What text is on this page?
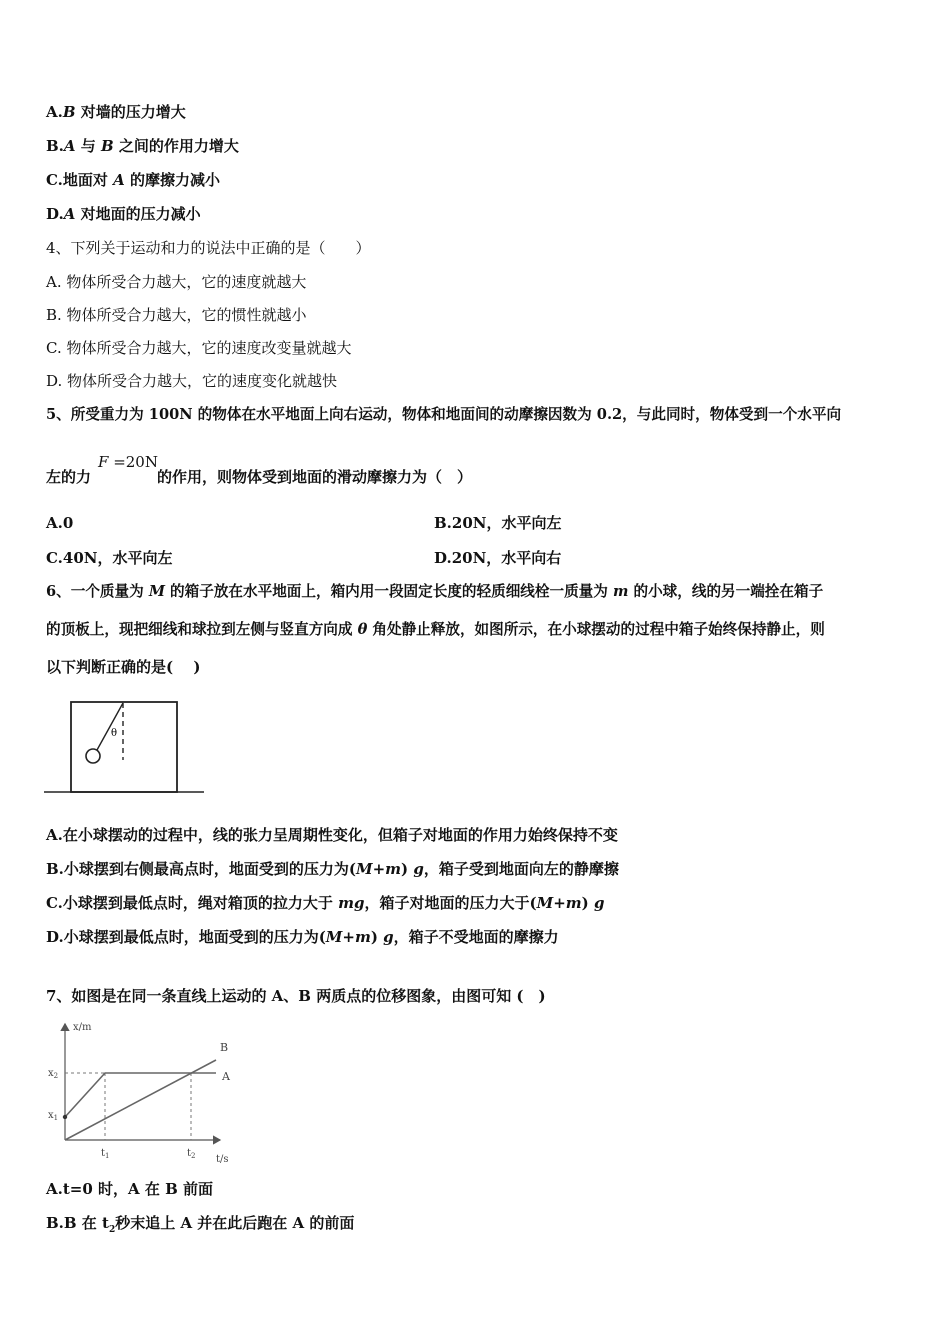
A.B 对墙的压力增大
B.A 与 B 之间的作用力增大
C.地面对 A 的摩擦力减小
D.A 对地面的压力减小
4、下列关于运动和力的说法中正确的是（　　）
A. 物体所受合力越大，它的速度就越大
B. 物体所受合力越大，它的惯性就越小
C. 物体所受合力越大，它的速度改变量就越大
D. 物体所受合力越大，它的速度变化就越快
5、所受重力为 100N 的物体在水平地面上向右运动，物体和地面间的动摩擦因数为 0.2，与此同时，物体受到一个水平向
左的力	的作用，则物体受到地面的滑动摩擦力为（　）
F =20N
A.0	B.20N，水平向左
C.40N，水平向左	D.20N，水平向右
6、一个质量为 M 的箱子放在水平地面上，箱内用一段固定长度的轻质细线栓一质量为 m 的小球，线的另一端拴在箱子
的顶板上，现把细线和球拉到左侧与竖直方向成 θ 角处静止释放，如图所示，在小球摆动的过程中箱子始终保持静止，则
以下判断正确的是(　 )
θ
A.在小球摆动的过程中，线的张力呈周期性变化，但箱子对地面的作用力始终保持不变
B.小球摆到右侧最高点时，地面受到的压力为(M+m) g，箱子受到地面向左的静摩擦
C.小球摆到最低点时，绳对箱顶的拉力大于 mg，箱子对地面的压力大于(M+m) g
D.小球摆到最低点时，地面受到的压力为(M+m) g，箱子不受地面的摩擦力
7、如图是在同一条直线上运动的 A、B 两质点的位移图象，由图可知 (　)
x/m
t/s
$x_2$
$x_1$
$t_1$	$t_2$
B
A
A.t=0 时，A 在 B 前面
B.B 在 $t_2$秒末追上 A 并在此后跑在 A 的前面
